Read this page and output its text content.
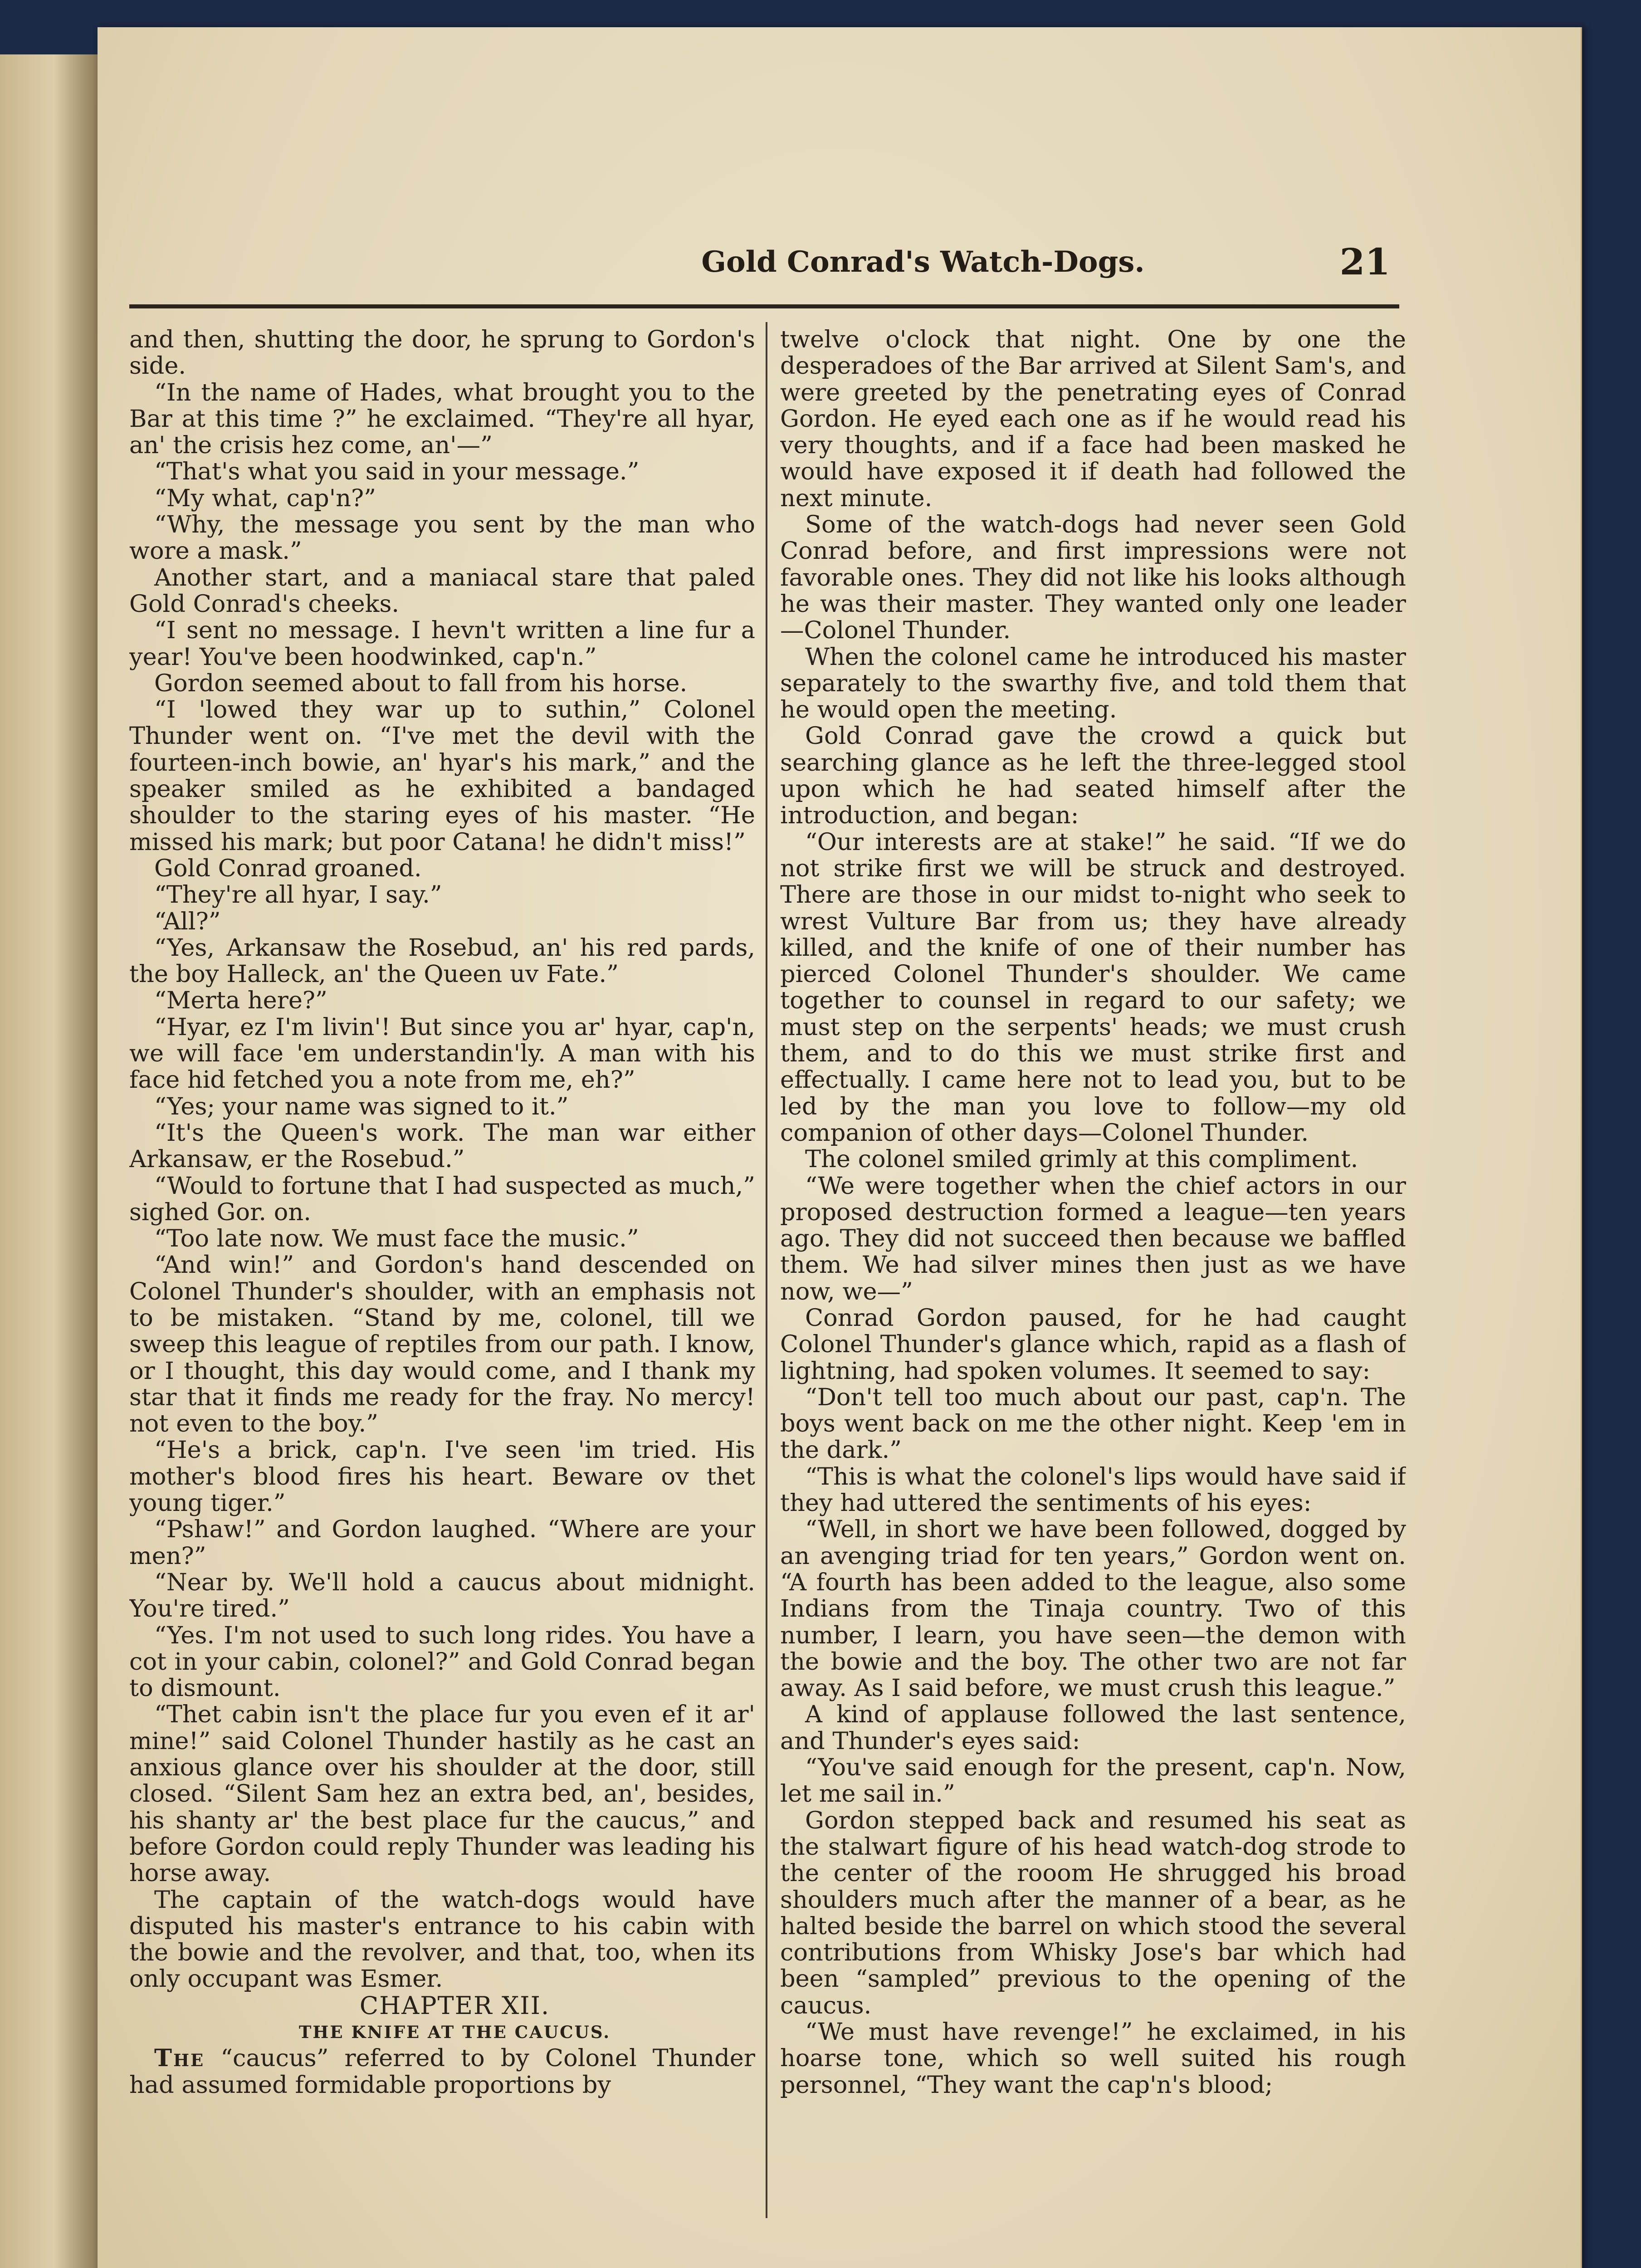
Gold Conrad's Watch-Dogs.	21

and then, shutting the door, he sprung to Gordon's side.

“In the name of Hades, what brought you to the Bar at this time ?” he exclaimed. “They're all hyar, an' the crisis hez come, an'—”

“That's what you said in your message.”

“My what, cap'n?”

“Why, the message you sent by the man who wore a mask.”

Another start, and a maniacal stare that paled Gold Conrad's cheeks.

“I sent no message. I hevn't written a line fur a year! You've been hoodwinked, cap'n.”

Gordon seemed about to fall from his horse.

“I 'lowed they war up to suthin,” Colonel Thunder went on. “I've met the devil with the fourteen-inch bowie, an' hyar's his mark,” and the speaker smiled as he exhibited a bandaged shoulder to the staring eyes of his master. “He missed his mark; but poor Catana! he didn't miss!”

Gold Conrad groaned.

“They're all hyar, I say.”

“All?”

“Yes, Arkansaw the Rosebud, an' his red pards, the boy Halleck, an' the Queen uv Fate.”

“Merta here?”

“Hyar, ez I'm livin'! But since you ar' hyar, cap'n, we will face 'em understandin'ly. A man with his face hid fetched you a note from me, eh?”

“Yes; your name was signed to it.”

“It's the Queen's work. The man war either Arkansaw, er the Rosebud.”

“Would to fortune that I had suspected as much,” sighed Gor. on.

“Too late now. We must face the music.”

“And win!” and Gordon's hand descended on Colonel Thunder's shoulder, with an emphasis not to be mistaken. “Stand by me, colonel, till we sweep this league of reptiles from our path. I know, or I thought, this day would come, and I thank my star that it finds me ready for the fray. No mercy! not even to the boy.”

“He's a brick, cap'n. I've seen 'im tried. His mother's blood fires his heart. Beware ov thet young tiger.”

“Pshaw!” and Gordon laughed. “Where are your men?”

“Near by. We'll hold a caucus about midnight. You're tired.”

“Yes. I'm not used to such long rides. You have a cot in your cabin, colonel?” and Gold Conrad began to dismount.

“Thet cabin isn't the place fur you even ef it ar' mine!” said Colonel Thunder hastily as he cast an anxious glance over his shoulder at the door, still closed. “Silent Sam hez an extra bed, an', besides, his shanty ar' the best place fur the caucus,” and before Gordon could reply Thunder was leading his horse away.

The captain of the watch-dogs would have disputed his master's entrance to his cabin with the bowie and the revolver, and that, too, when its only occupant was Esmer.

CHAPTER XII.

THE KNIFE AT THE CAUCUS.

The “caucus” referred to by Colonel Thunder had assumed formidable proportions by

twelve o'clock that night. One by one the desperadoes of the Bar arrived at Silent Sam's, and were greeted by the penetrating eyes of Conrad Gordon. He eyed each one as if he would read his very thoughts, and if a face had been masked he would have exposed it if death had followed the next minute.

Some of the watch-dogs had never seen Gold Conrad before, and first impressions were not favorable ones. They did not like his looks although he was their master. They wanted only one leader—Colonel Thunder.

When the colonel came he introduced his master separately to the swarthy five, and told them that he would open the meeting.

Gold Conrad gave the crowd a quick but searching glance as he left the three-legged stool upon which he had seated himself after the introduction, and began:

“Our interests are at stake!” he said. “If we do not strike first we will be struck and destroyed. There are those in our midst to-night who seek to wrest Vulture Bar from us; they have already killed, and the knife of one of their number has pierced Colonel Thunder's shoulder. We came together to counsel in regard to our safety; we must step on the serpents' heads; we must crush them, and to do this we must strike first and effectually. I came here not to lead you, but to be led by the man you love to follow—my old companion of other days—Colonel Thunder.

The colonel smiled grimly at this compliment.

“We were together when the chief actors in our proposed destruction formed a league—ten years ago. They did not succeed then because we baffled them. We had silver mines then just as we have now, we—”

Conrad Gordon paused, for he had caught Colonel Thunder's glance which, rapid as a flash of lightning, had spoken volumes. It seemed to say:

“Don't tell too much about our past, cap'n. The boys went back on me the other night. Keep 'em in the dark.”

“This is what the colonel's lips would have said if they had uttered the sentiments of his eyes:

“Well, in short we have been followed, dogged by an avenging triad for ten years,” Gordon went on. “A fourth has been added to the league, also some Indians from the Tinaja country. Two of this number, I learn, you have seen—the demon with the bowie and the boy. The other two are not far away. As I said before, we must crush this league.”

A kind of applause followed the last sentence, and Thunder's eyes said:

“You've said enough for the present, cap'n. Now, let me sail in.”

Gordon stepped back and resumed his seat as the stalwart figure of his head watch-dog strode to the center of the rooom He shrugged his broad shoulders much after the manner of a bear, as he halted beside the barrel on which stood the several contributions from Whisky Jose's bar which had been “sampled” previous to the opening of the caucus.

“We must have revenge!” he exclaimed, in his hoarse tone, which so well suited his rough personnel, “They want the cap'n's blood;
